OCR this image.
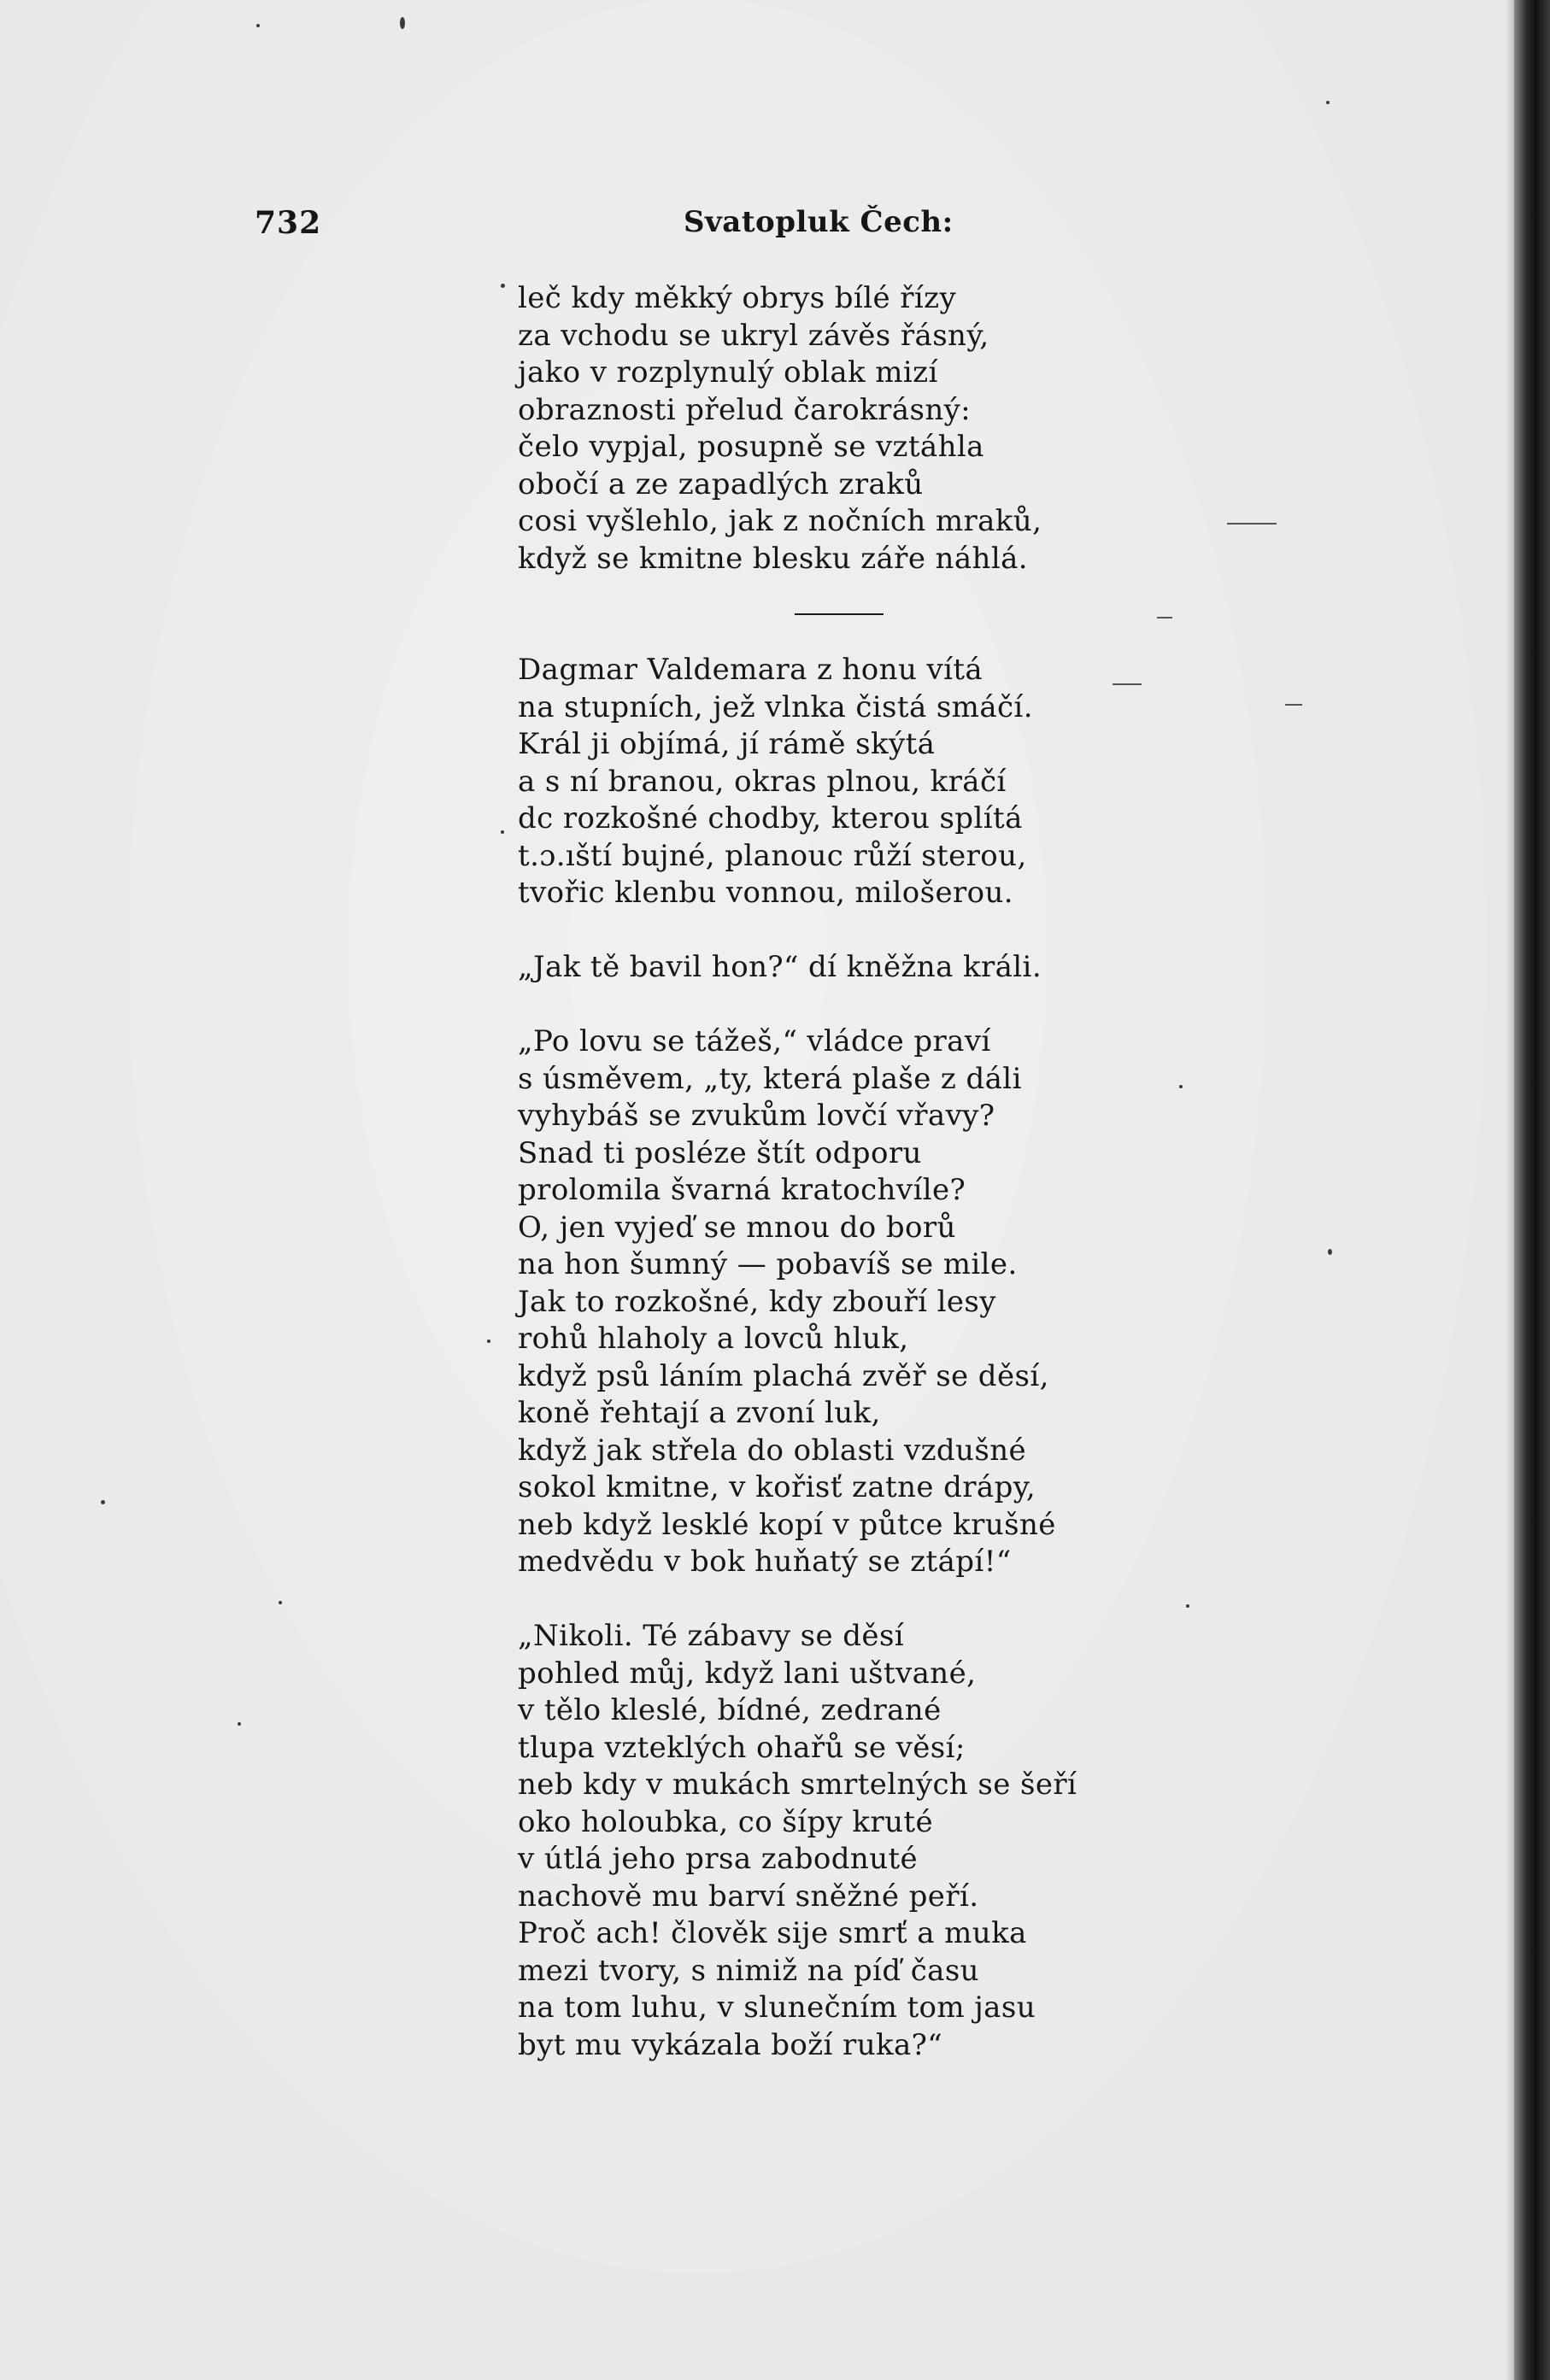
732	Svatopluk Čech:
leč kdy měkký obrys bílé řízy
za vchodu se ukryl závěs řásný,
jako v rozplynulý oblak mizí
obraznosti přelud čarokrásný:
čelo vypjal, posupně se vztáhla
obočí a ze zapadlých zraků
cosi vyšlehlo, jak z nočních mraků,
když se kmitne blesku záře náhlá.
Dagmar Valdemara z honu vítá
na stupních, jež vlnka čistá smáčí.
Král ji objímá, jí rámě skýtá
a s ní branou, okras plnou, kráčí
dc rozkošné chodby, kterou splítá
t.ɔ.ıští bujné, planouc růží sterou,
tvořic klenbu vonnou, milošerou.
„Jak tě bavil hon?“ dí kněžna králi.
„Po lovu se tážeš,“ vládce praví
s úsměvem, „ty, která plaše z dáli
vyhybáš se zvukům lovčí vřavy?
Snad ti posléze štít odporu
prolomila švarná kratochvíle?
O, jen vyjeď se mnou do borů
na hon šumný — pobavíš se mile.
Jak to rozkošné, kdy zbouří lesy
rohů hlaholy a lovců hluk,
když psů láním plachá zvěř se děsí,
koně řehtají a zvoní luk,
když jak střela do oblasti vzdušné
sokol kmitne, v kořisť zatne drápy,
neb když lesklé kopí v půtce krušné
medvědu v bok huňatý se ztápí!“
„Nikoli. Té zábavy se děsí
pohled můj, když lani uštvané,
v tělo kleslé, bídné, zedrané
tlupa vzteklých ohařů se věsí;
neb kdy v mukách smrtelných se šeří
oko holoubka, co šípy kruté
v útlá jeho prsa zabodnuté
nachově mu barví sněžné peří.
Proč ach! člověk sije smrť a muka
mezi tvory, s nimiž na píď času
na tom luhu, v slunečním tom jasu
byt mu vykázala boží ruka?“
